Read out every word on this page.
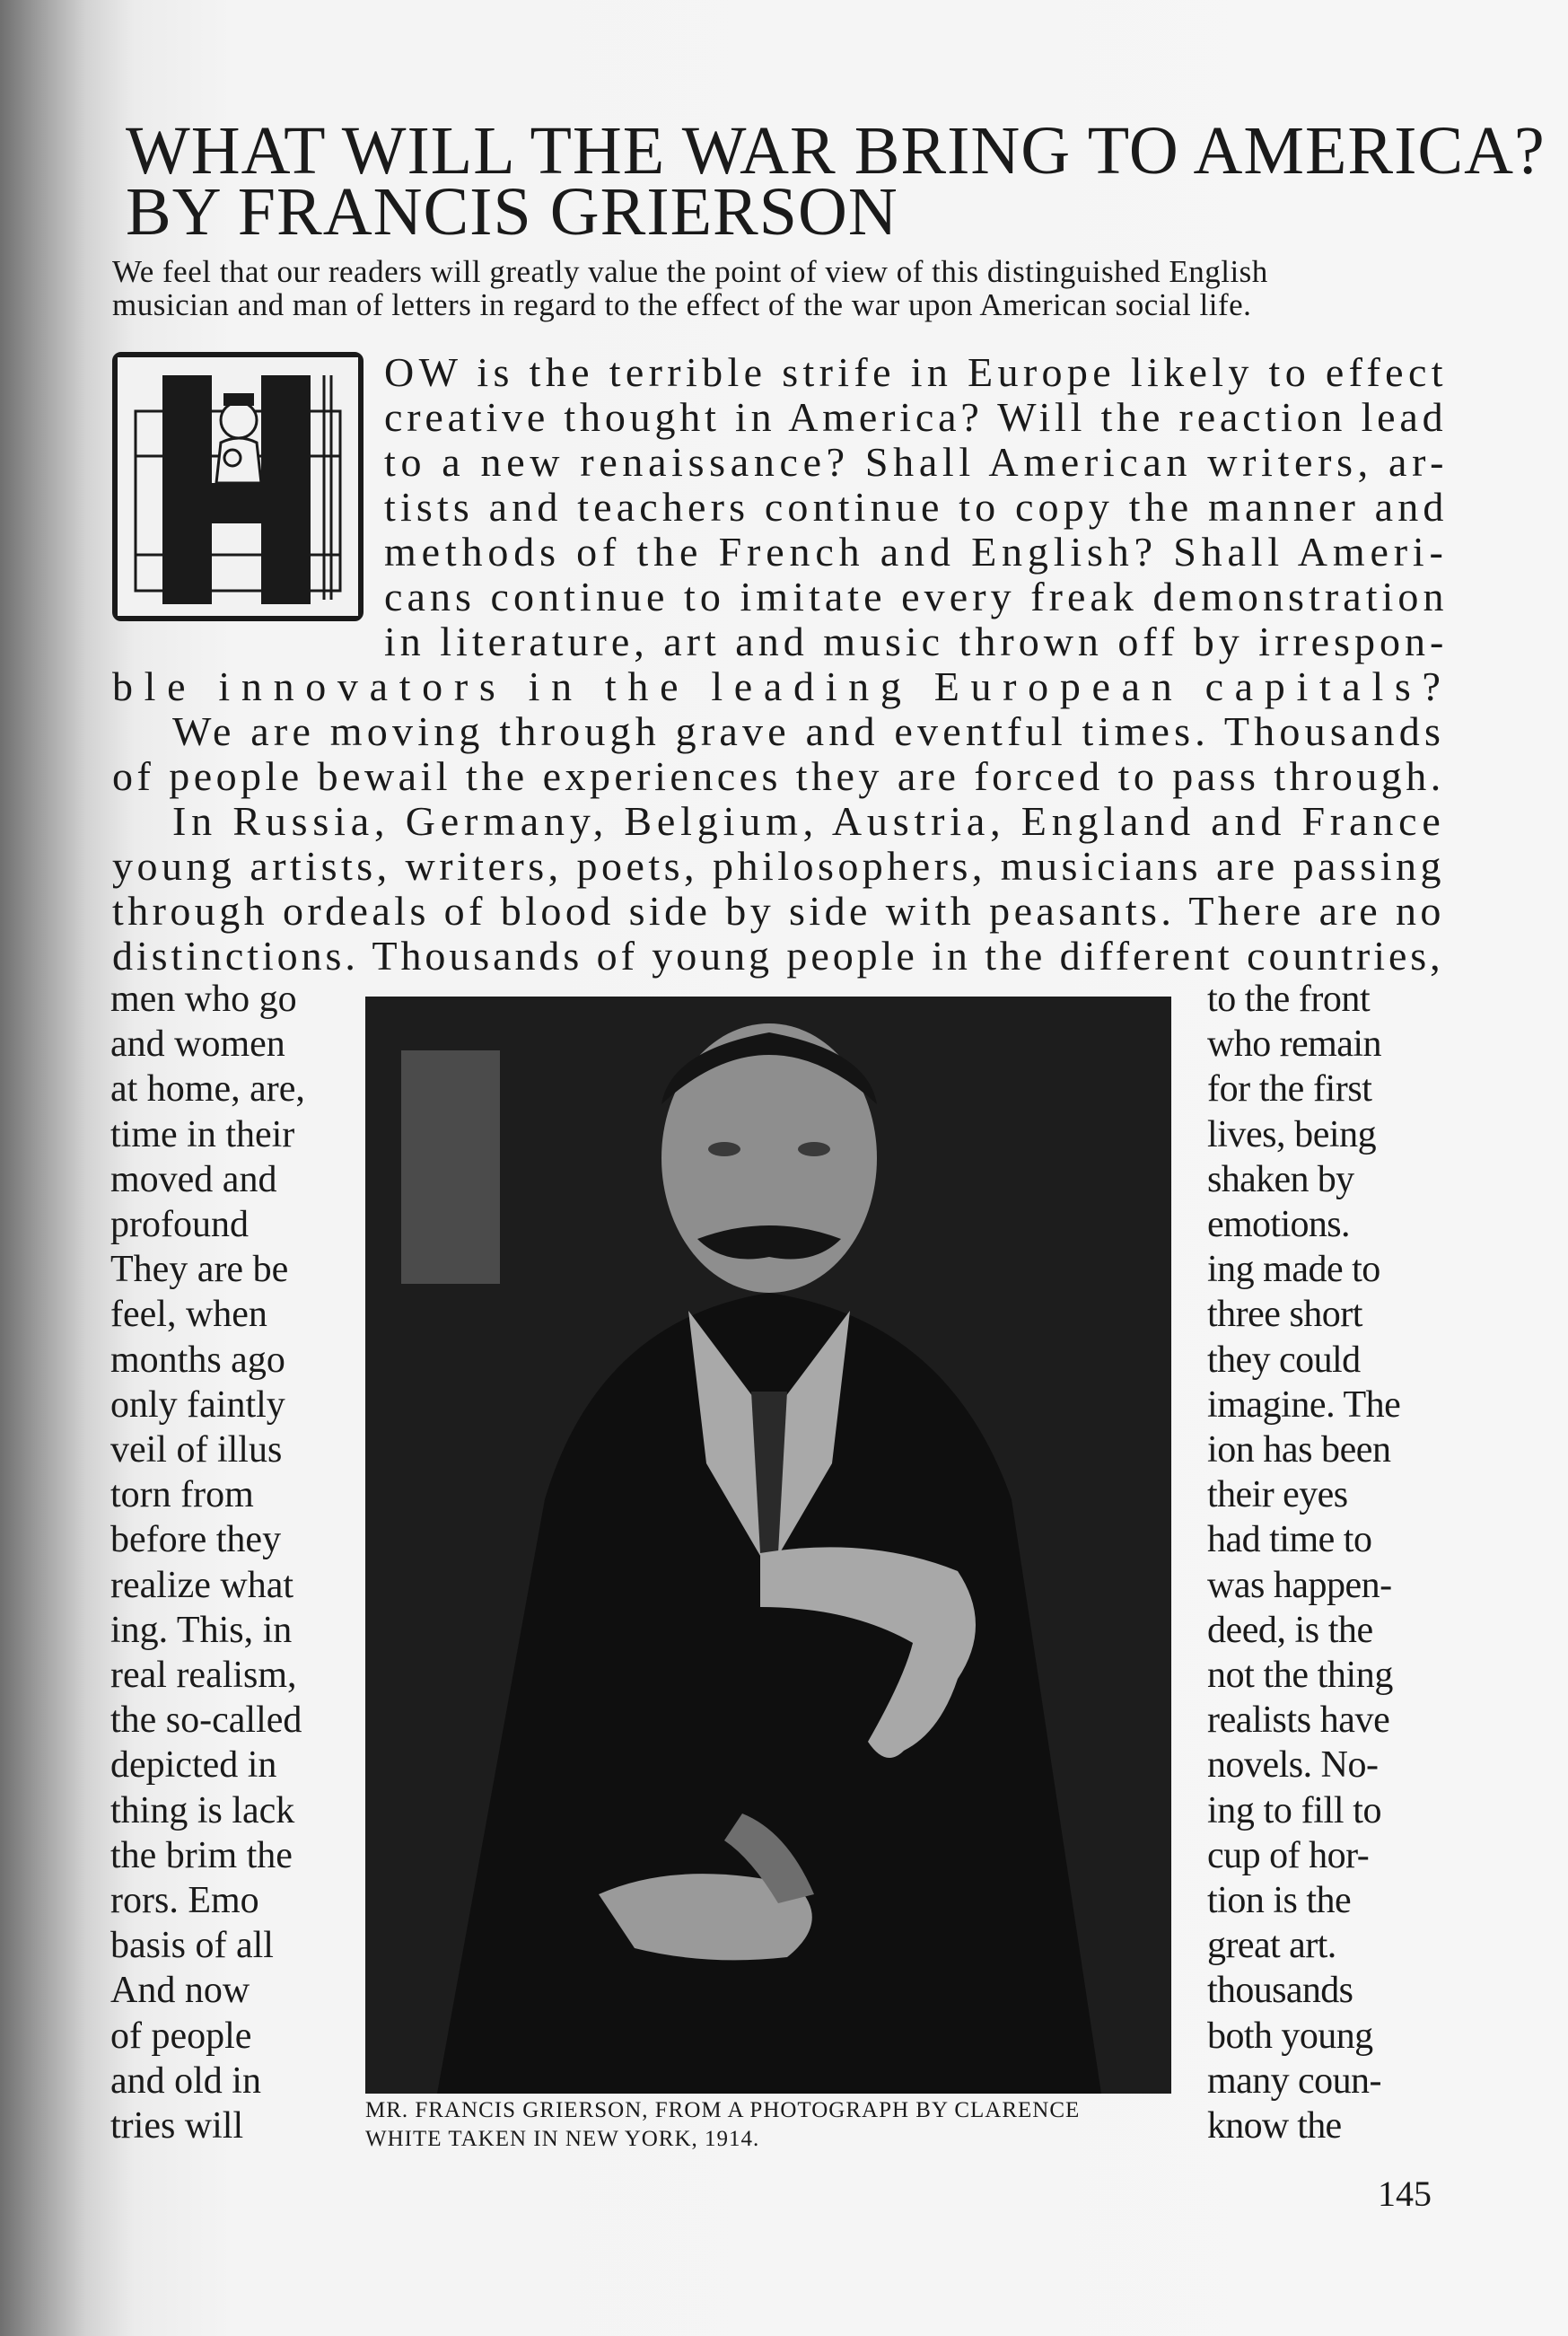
WHAT WILL THE WAR BRING TO AMERICA?
BY FRANCIS GRIERSON
We feel that our readers will greatly value the point of view of this distinguished English
musician and man of letters in regard to the effect of the war upon American social life.
MR. FRANCIS GRIERSON, FROM A PHOTOGRAPH BY CLARENCE
WHITE TAKEN IN NEW YORK, 1914.
145
OW is the terrible strife in Europe likely to effect
creative thought in America? Will the reaction lead
to a new renaissance? Shall American writers, ar-
tists and teachers continue to copy the manner and
methods of the French and English? Shall Ameri-
cans continue to imitate every freak demonstration
in literature, art and music thrown off by irrespon-
ble innovators in the leading European capitals?
We are moving through grave and eventful times. Thousands
of people bewail the experiences they are forced to pass through.
In Russia, Germany, Belgium, Austria, England and France
young artists, writers, poets, philosophers, musicians are passing
through ordeals of blood side by side with peasants. There are no
distinctions. Thousands of young people in the different countries,
men who go
and women
at home, are,
time in their
moved and
profound
They are be
feel, when
months ago
only faintly
veil of illus
torn from
before they
realize what
ing. This, in
real realism,
the so-called
depicted in
thing is lack
the brim the
rors. Emo
basis of all
And now
of people
and old in
tries will
to the front
who remain
for the first
lives, being
shaken by
emotions.
ing made to
three short
they could
imagine. The
ion has been
their eyes
had time to
was happen-
deed, is the
not the thing
realists have
novels. No-
ing to fill to
cup of hor-
tion is the
great art.
thousands
both young
many coun-
know the
